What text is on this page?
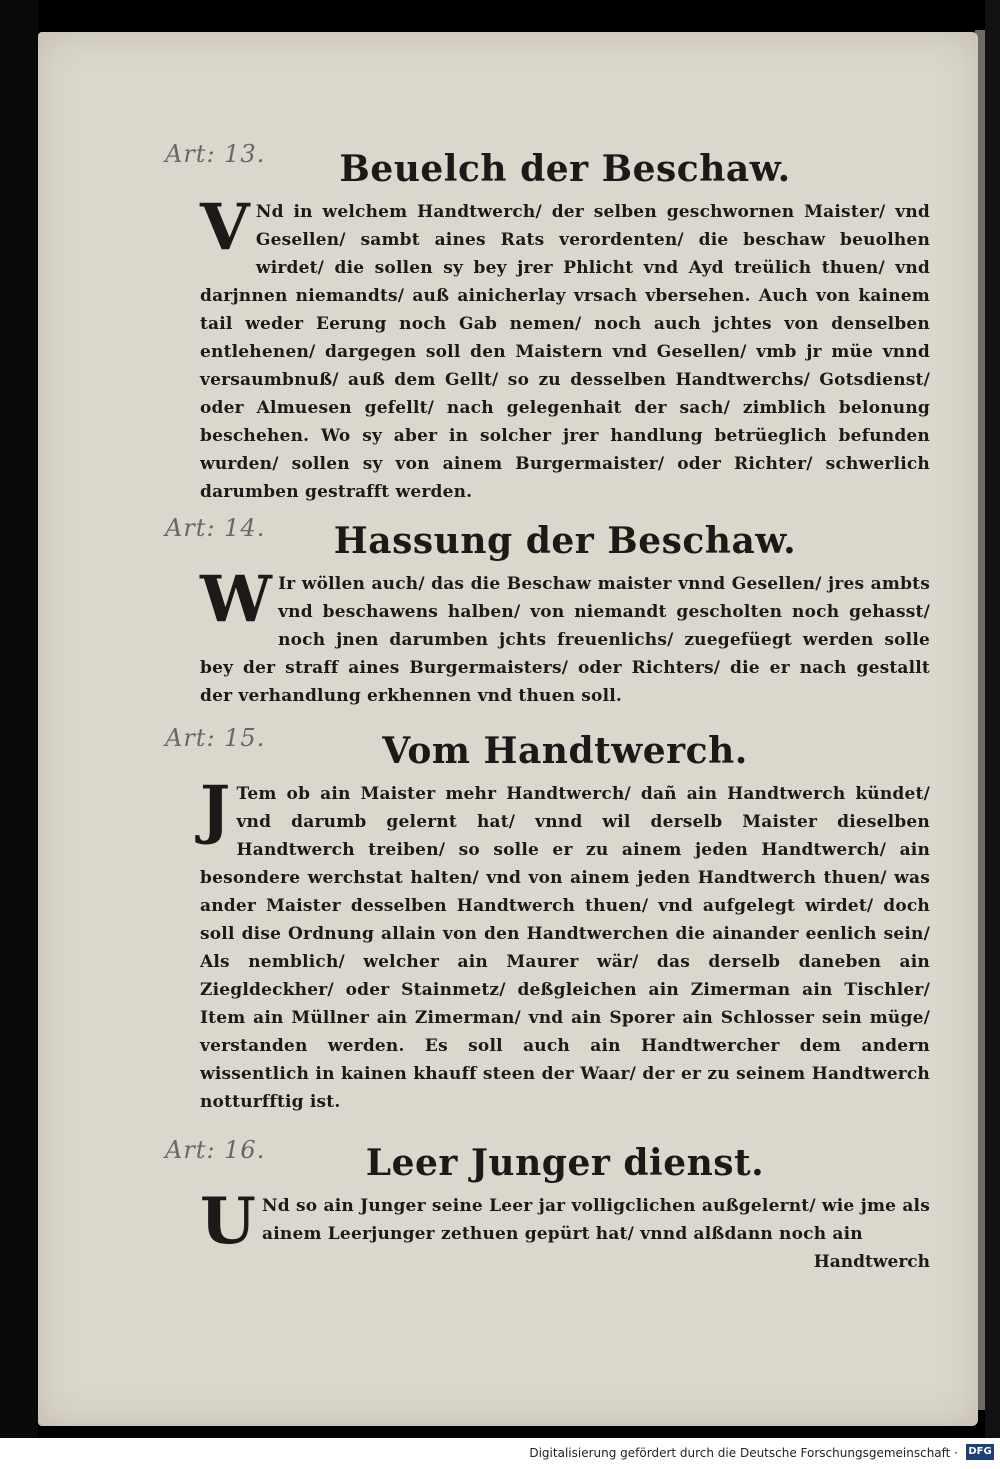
Art: 13.	Beuelch der Beschaw.

V Nd in welchem Handtwerch/ der selben geschwornen Maister/ vnd Gesellen/ sambt aines Rats verordenten/ die beschaw beuolhen wirdet/ die sollen sy bey jrer Phlicht vnd Ayd treülich thuen/ vnd darjnnen niemandts/ auß ainicherlay vrsach vbersehen. Auch von kainem tail weder Eerung noch Gab nemen/ noch auch jchtes von denselben entlehenen/ dargegen soll den Maistern vnd Gesellen/ vmb jr müe vnnd versaumbnuß/ auß dem Gellt/ so zu desselben Handtwerchs/ Gotsdienst/ oder Almuesen gefellt/ nach gelegenhait der sach/ zimblich belonung beschehen. Wo sy aber in solcher jrer handlung betrüeglich befunden wurden/ sollen sy von ainem Burgermaister/ oder Richter/ schwerlich darumben gestrafft werden.

Art: 14.	Hassung der Beschaw.

W Ir wöllen auch/ das die Beschaw maister vnnd Gesellen/ jres ambts vnd beschawens halben/ von niemandt gescholten noch gehasst/ noch jnen darumben jchts freuenlichs/ zuegefüegt werden solle bey der straff aines Burgermaisters/ oder Richters/ die er nach gestallt der verhandlung erkhennen vnd thuen soll.

Art: 15.	Vom Handtwerch.

J Tem ob ain Maister mehr Handtwerch/ dañ ain Handtwerch kündet/ vnd darumb gelernt hat/ vnnd wil derselb Maister dieselben Handtwerch treiben/ so solle er zu ainem jeden Handtwerch/ ain besondere werchstat halten/ vnd von ainem jeden Handtwerch thuen/ was ander Maister desselben Handtwerch thuen/ vnd aufgelegt wirdet/ doch soll dise Ordnung allain von den Handtwerchen die ainander eenlich sein/ Als nemblich/ welcher ain Maurer wär/ das derselb daneben ain Ziegldeckher/ oder Stainmetz/ deßgleichen ain Zimerman ain Tischler/ Item ain Müllner ain Zimerman/ vnd ain Sporer ain Schlosser sein müge/ verstanden werden. Es soll auch ain Handtwercher dem andern wissentlich in kainen khauff steen der Waar/ der er zu seinem Handtwerch notturfftig ist.

Art: 16.	Leer Junger dienst.

U Nd so ain Junger seine Leer jar volligclichen außgelernt/ wie jme als ainem Leerjunger zethuen gepürt hat/ vnnd alßdann noch ain

Handtwerch

Digitalisierung gefördert durch die Deutsche Forschungsgemeinschaft · DFG
